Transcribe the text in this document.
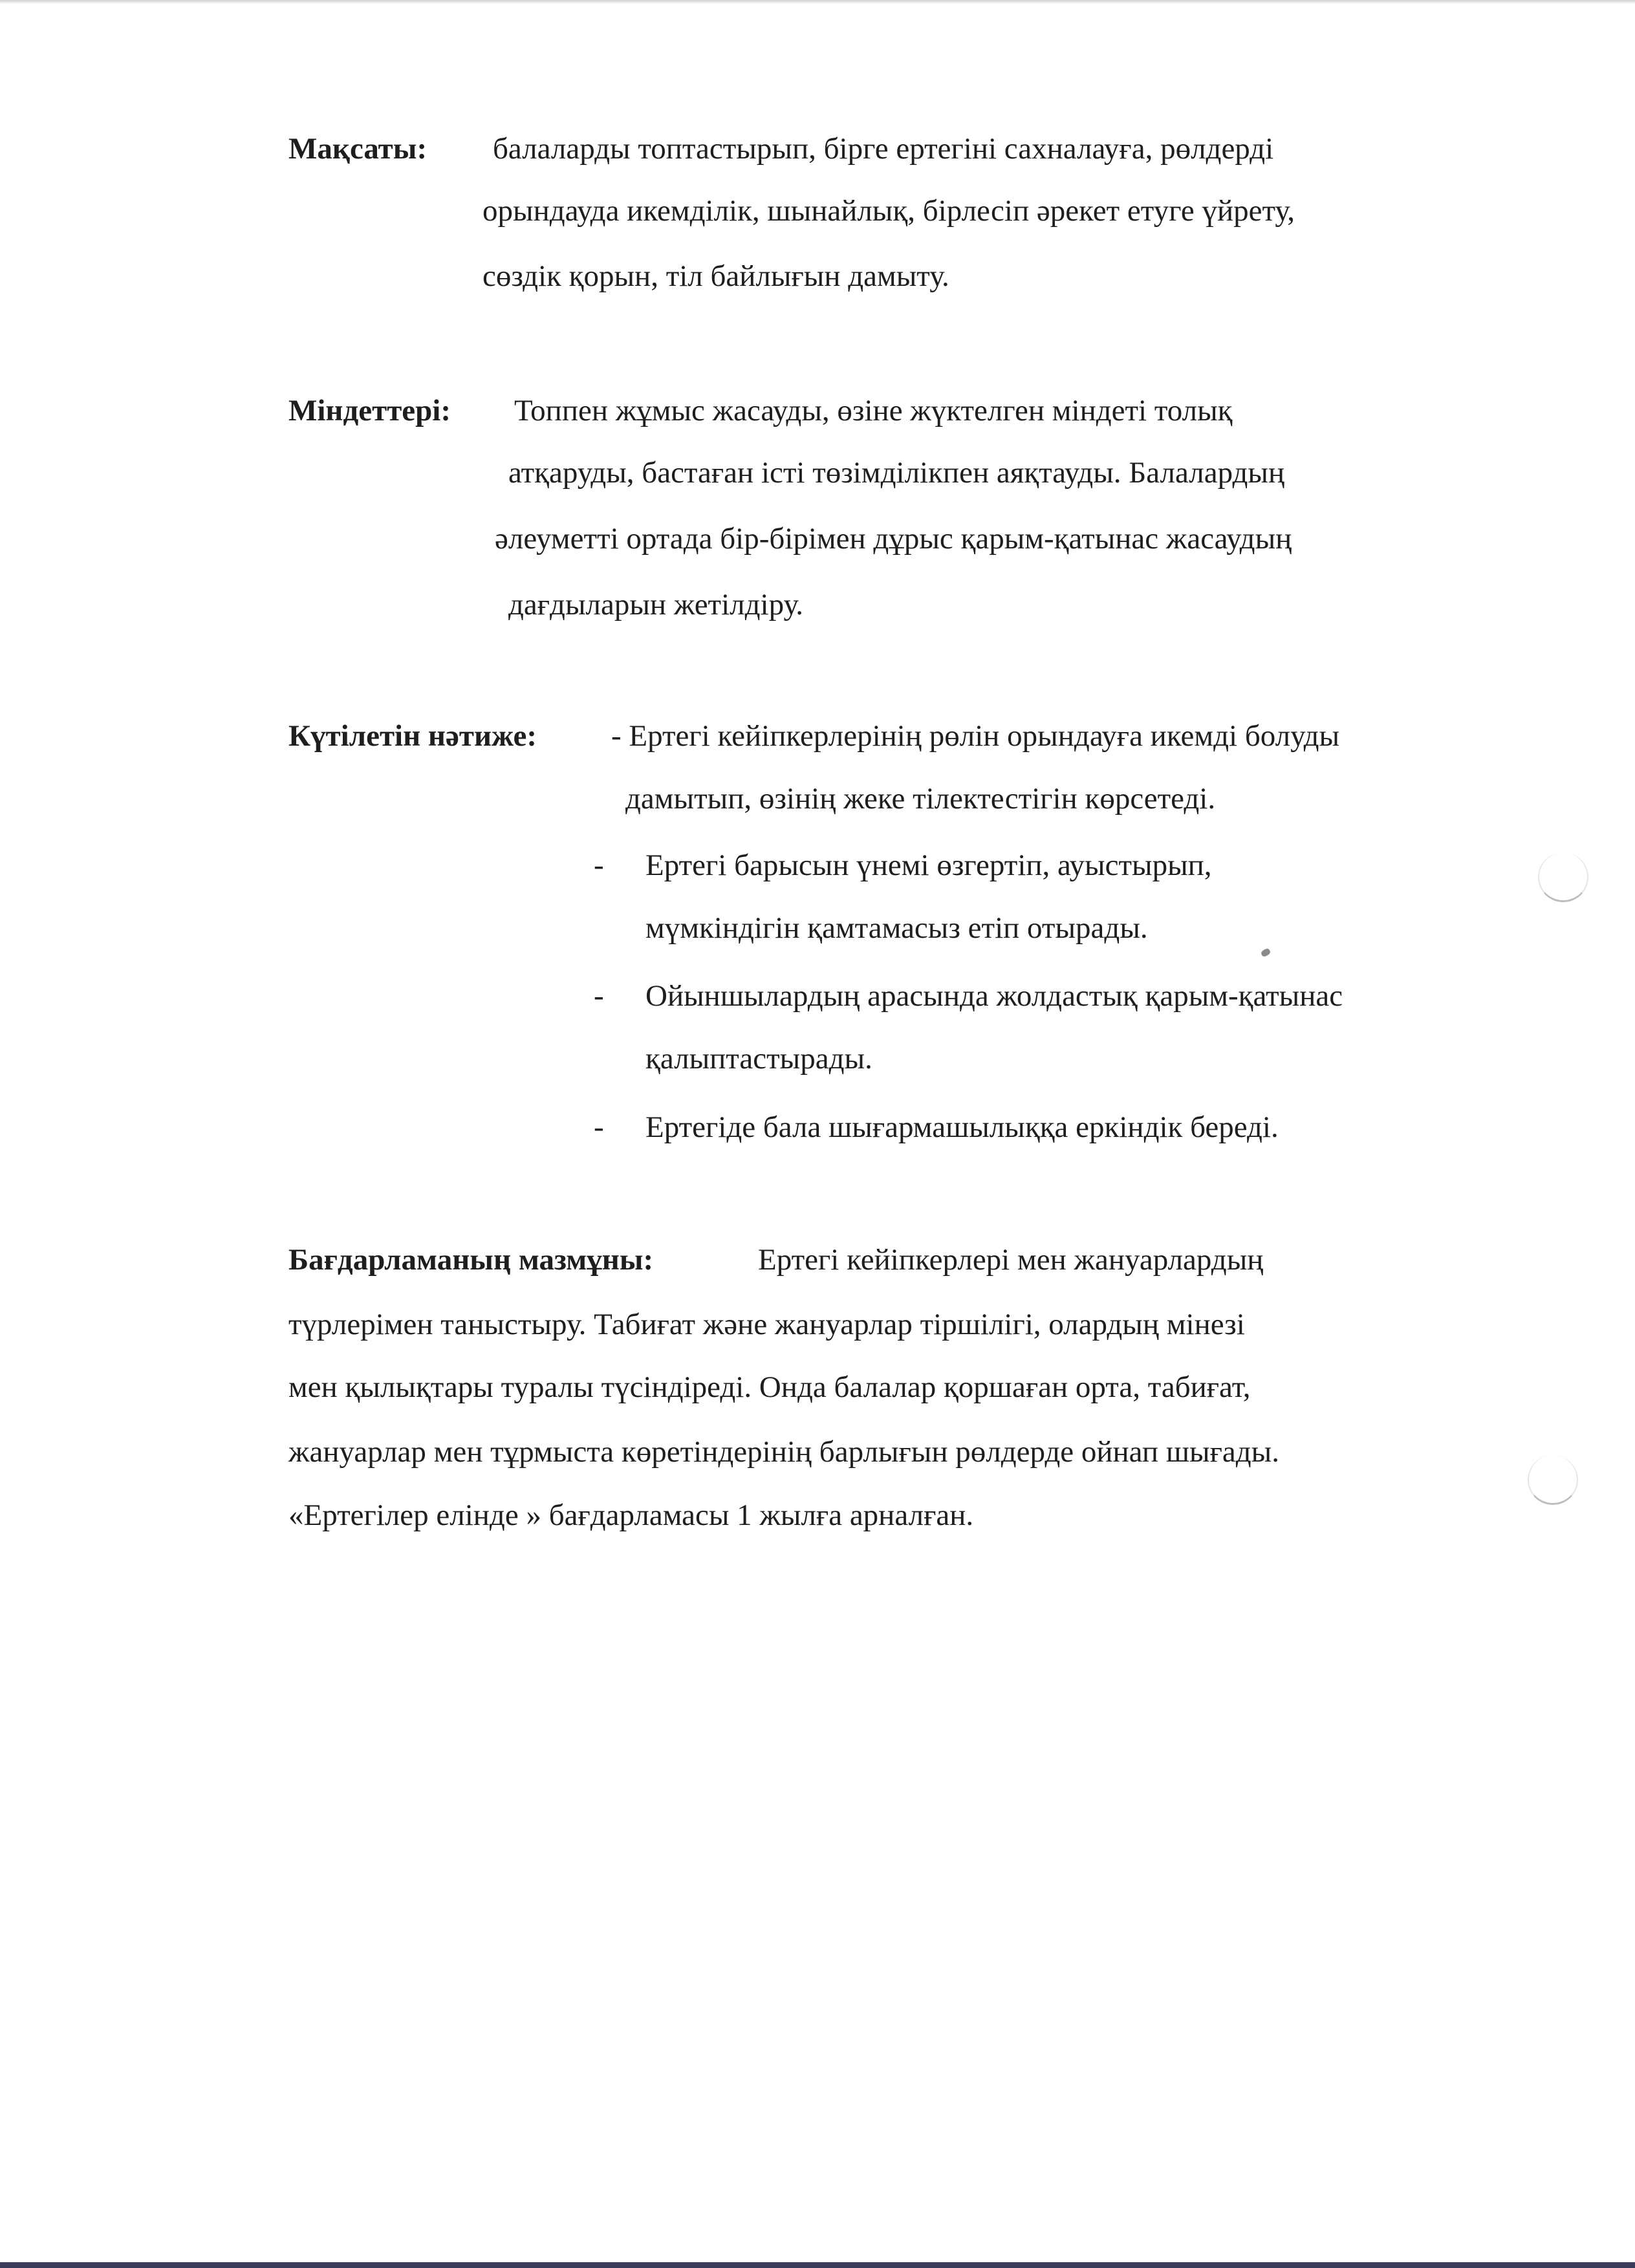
Мақсаты: балаларды топтастырып, бірге ертегіні сахналауға, рөлдерді
орындауда икемділік, шынайлық, бірлесіп әрекет етуге үйрету,
сөздік қорын, тіл байлығын дамыту.
Міндеттері: Топпен жұмыс жасауды, өзіне жүктелген міндеті толық
атқаруды, бастаған істі төзімділікпен аяқтауды. Балалардың
әлеуметті ортада бір-бірімен дұрыс қарым-қатынас жасаудың
дағдыларын жетілдіру.
Күтілетін нәтиже: - Ертегі кейіпкерлерінің рөлін орындауға икемді болуды
дамытып, өзінің жеке тілектестігін көрсетеді.
- Ертегі барысын үнемі өзгертіп, ауыстырып,
мүмкіндігін қамтамасыз етіп отырады.
- Ойыншылардың арасында жолдастық қарым-қатынас
қалыптастырады.
- Ертегіде бала шығармашылыққа еркіндік береді.
Бағдарламаның мазмұны:	Ертегі кейіпкерлері мен жануарлардың
түрлерімен таныстыру. Табиғат және жануарлар тіршілігі, олардың мінезі
мен қылықтары туралы түсіндіреді. Онда балалар қоршаған орта, табиғат,
жануарлар мен тұрмыста көретіндерінің барлығын рөлдерде ойнап шығады.
«Ертегілер елінде » бағдарламасы 1 жылға арналған.
